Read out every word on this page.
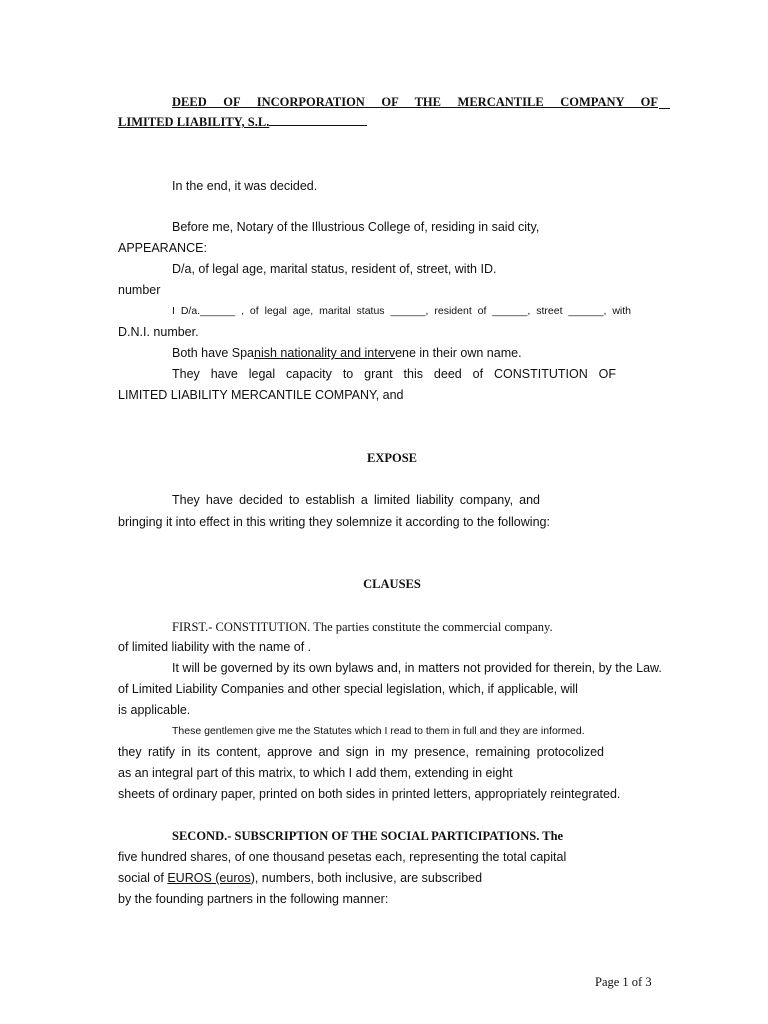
DEED OF INCORPORATION OF THE MERCANTILE COMPANY OF
LIMITED LIABILITY, S.L.
In the end, it was decided.
Before me, Notary of the Illustrious College of, residing in said city,
APPEARANCE:
D/a, of legal age, marital status, resident of, street, with ID.
number
I D/a.______ , of legal age, marital status ______, resident of ______, street ______, with
D.N.I. number.
Both have Spanish nationality and intervene in their own name.
They have legal capacity to grant this deed of CONSTITUTION OF
LIMITED LIABILITY MERCANTILE COMPANY, and
EXPOSE
They have decided to establish a limited liability company, and
bringing it into effect in this writing they solemnize it according to the following:
CLAUSES
FIRST.- CONSTITUTION. The parties constitute the commercial company.
of limited liability with the name of .
It will be governed by its own bylaws and, in matters not provided for therein, by the Law.
of Limited Liability Companies and other special legislation, which, if applicable, will
is applicable.
These gentlemen give me the Statutes which I read to them in full and they are informed.
they ratify in its content, approve and sign in my presence, remaining protocolized
as an integral part of this matrix, to which I add them, extending in eight
sheets of ordinary paper, printed on both sides in printed letters, appropriately reintegrated.
SECOND.- SUBSCRIPTION OF THE SOCIAL PARTICIPATIONS. The
five hundred shares, of one thousand pesetas each, representing the total capital
social of EUROS (euros), numbers, both inclusive, are subscribed
by the founding partners in the following manner:
Page 1 of 3
